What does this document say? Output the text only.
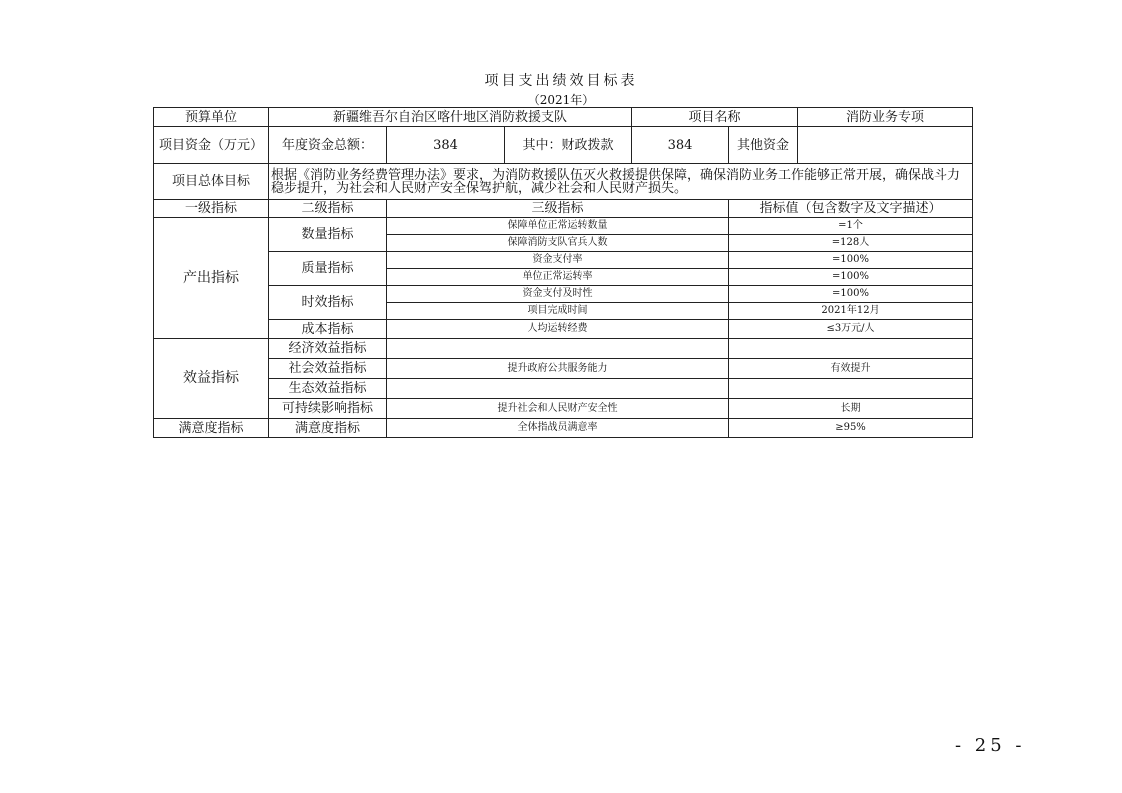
项目支出绩效目标表
（2021年）
预算单位	新疆维吾尔自治区喀什地区消防救援支队			项目名称		消防业务专项
项目资金（万元）	年度资金总额：	384	其中：财政拨款	384	其他资金	
项目总体目标	根据《消防业务经费管理办法》要求，为消防救援队伍灭火救援提供保障，确保消防业务工作能够正常开展，确保战斗力稳步提升，为社会和人民财产安全保驾护航，减少社会和人民财产损失。					
一级指标	二级指标	三级指标			指标值（包含数字及文字描述）	
产出指标	数量指标	保障单位正常运转数量			=1个	
		保障消防支队官兵人数			=128人	
	质量指标	资金支付率			=100%	
		单位正常运转率			=100%	
	时效指标	资金支付及时性			=100%	
		项目完成时间			2021年12月	
	成本指标	人均运转经费			≤3万元/人	
效益指标	经济效益指标					
	社会效益指标	提升政府公共服务能力			有效提升	
	生态效益指标					
	可持续影响指标	提升社会和人民财产安全性			长期	
满意度指标	满意度指标	全体指战员满意率			≥95%	
- 25 -
